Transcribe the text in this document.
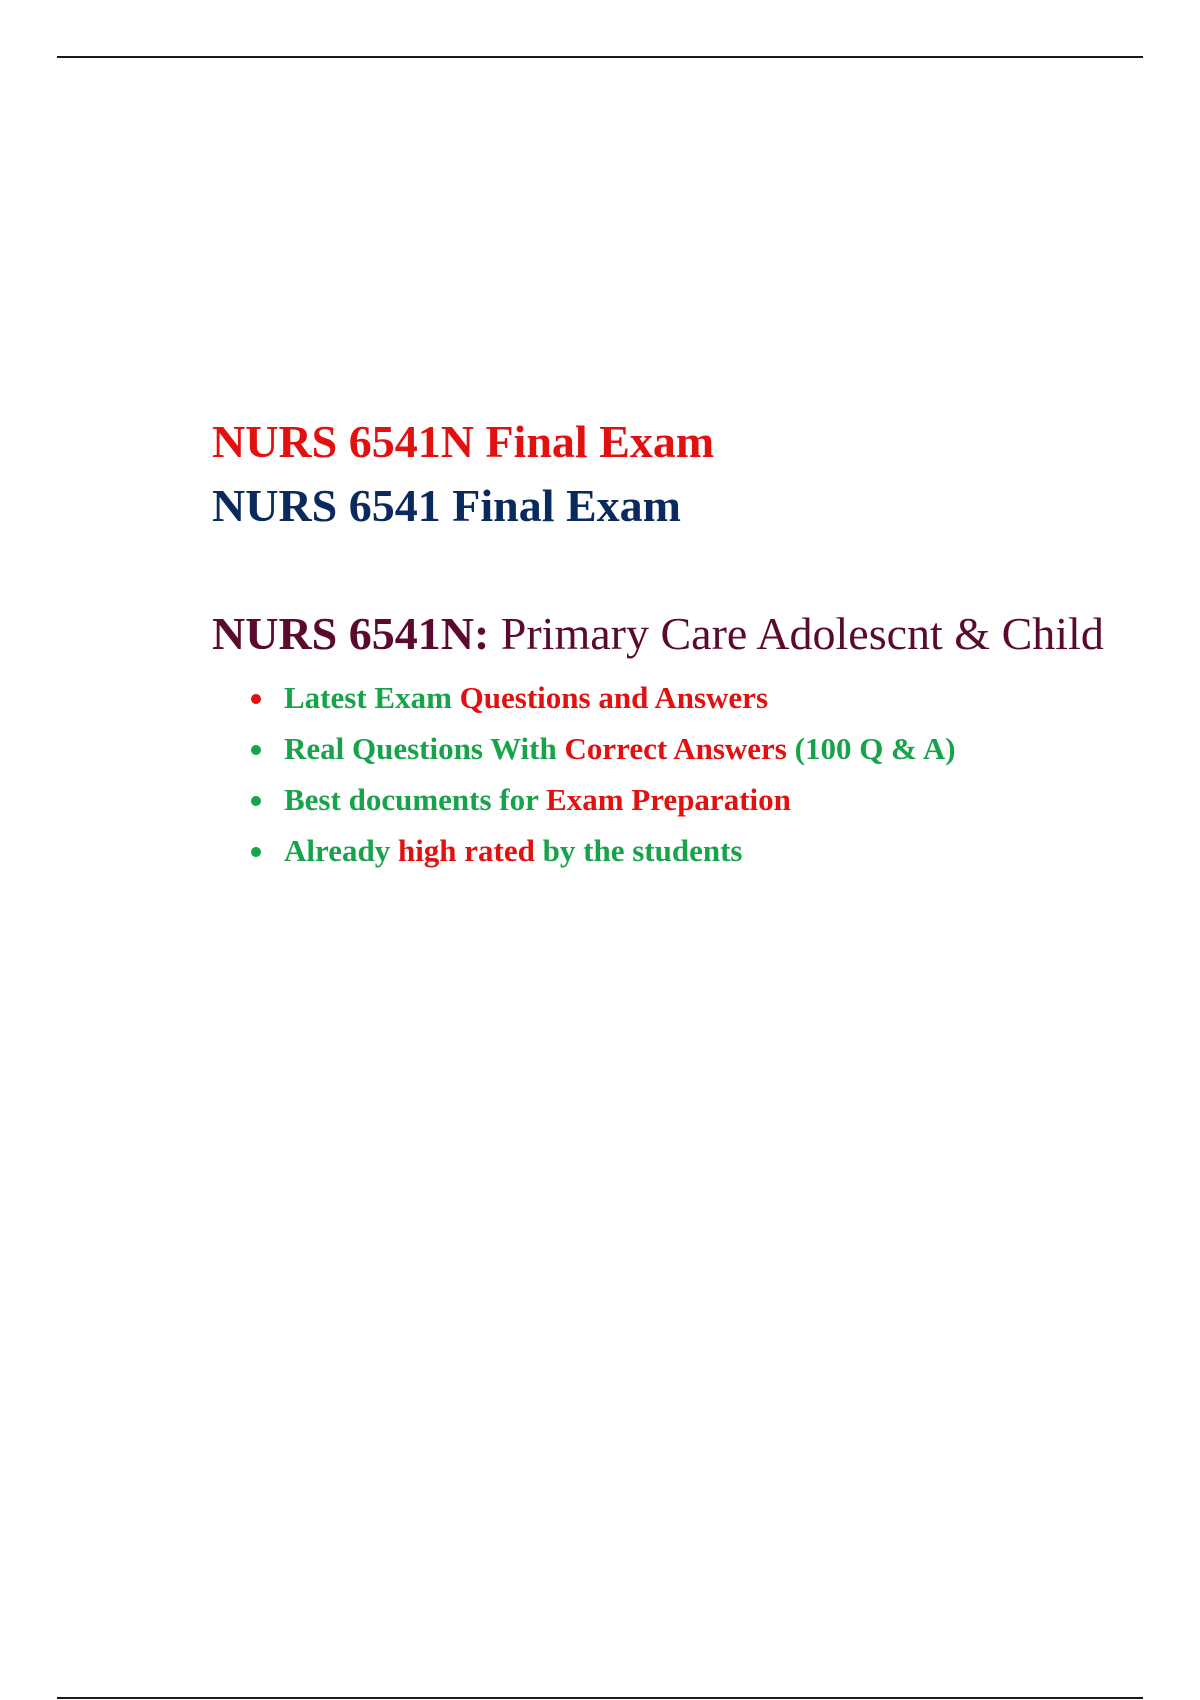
NURS 6541N Final Exam
NURS 6541 Final Exam
NURS 6541N: Primary Care Adolescnt & Child
Latest Exam Questions and Answers
Real Questions With Correct Answers (100 Q & A)
Best documents for Exam Preparation
Already high rated by the students
